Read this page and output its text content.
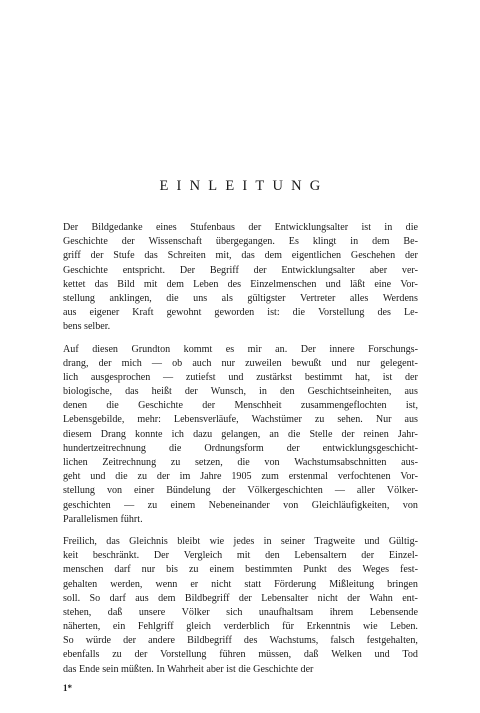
EINLEITUNG
Der Bildgedanke eines Stufenbaus der Entwicklungsalter ist in die
Geschichte der Wissenschaft übergegangen. Es klingt in dem Be-
griff der Stufe das Schreiten mit, das dem eigentlichen Geschehen der
Geschichte entspricht. Der Begriff der Entwicklungsalter aber ver-
kettet das Bild mit dem Leben des Einzelmenschen und läßt eine Vor-
stellung anklingen, die uns als gültigster Vertreter alles Werdens
aus eigener Kraft gewohnt geworden ist: die Vorstellung des Le-
bens selber.
Auf diesen Grundton kommt es mir an. Der innere Forschungs-
drang, der mich — ob auch nur zuweilen bewußt und nur gelegent-
lich ausgesprochen — zutiefst und zustärkst bestimmt hat, ist der
biologische, das heißt der Wunsch, in den Geschichtseinheiten, aus
denen die Geschichte der Menschheit zusammengeflochten ist,
Lebensgebilde, mehr: Lebensverläufe, Wachstümer zu sehen. Nur aus
diesem Drang konnte ich dazu gelangen, an die Stelle der reinen Jahr-
hundertzeitrechnung die Ordnungsform der entwicklungsgeschicht-
lichen Zeitrechnung zu setzen, die von Wachstumsabschnitten aus-
geht und die zu der im Jahre 1905 zum erstenmal verfochtenen Vor-
stellung von einer Bündelung der Völkergeschichten — aller Völker-
geschichten — zu einem Nebeneinander von Gleichläufigkeiten, von
Parallelismen führt.
Freilich, das Gleichnis bleibt wie jedes in seiner Tragweite und Gültig-
keit beschränkt. Der Vergleich mit den Lebensaltern der Einzel-
menschen darf nur bis zu einem bestimmten Punkt des Weges fest-
gehalten werden, wenn er nicht statt Förderung Mißleitung bringen
soll. So darf aus dem Bildbegriff der Lebensalter nicht der Wahn ent-
stehen, daß unsere Völker sich unaufhaltsam ihrem Lebensende
näherten, ein Fehlgriff gleich verderblich für Erkenntnis wie Leben.
So würde der andere Bildbegriff des Wachstums, falsch festgehalten,
ebenfalls zu der Vorstellung führen müssen, daß Welken und Tod
das Ende sein müßten. In Wahrheit aber ist die Geschichte der
1*
